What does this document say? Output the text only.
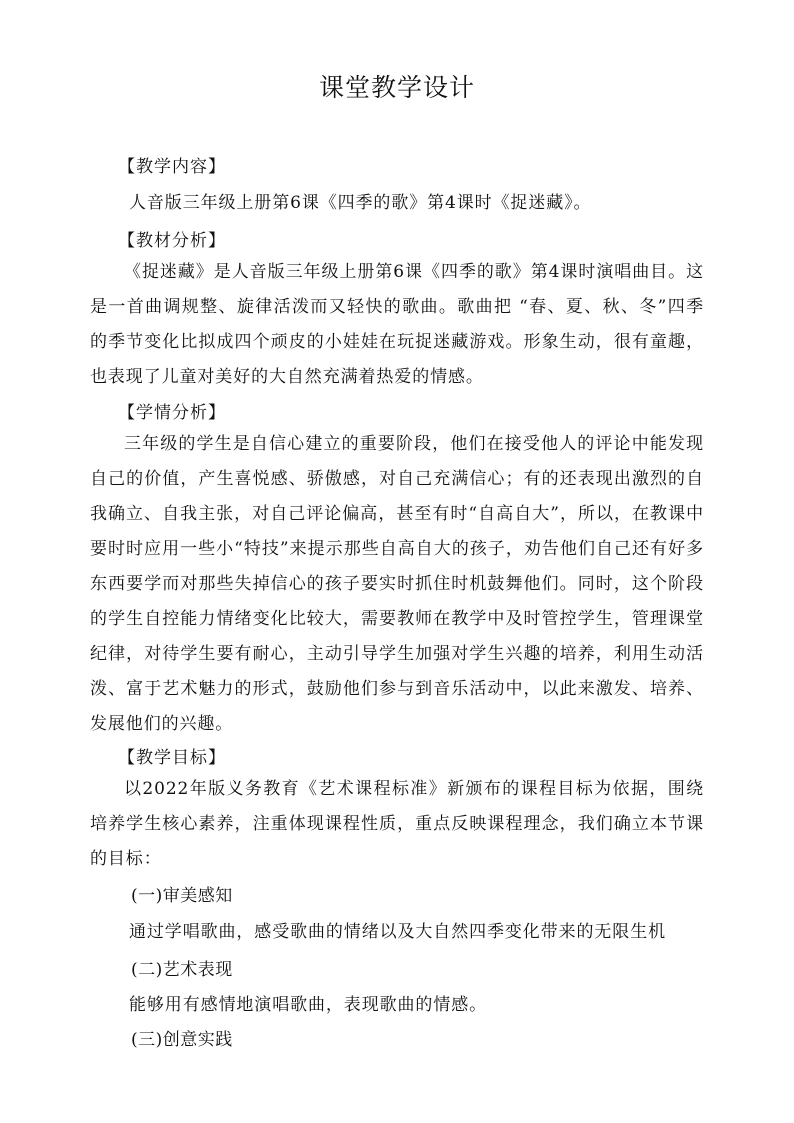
课堂教学设计
【教学内容】
人音版三年级上册第6课《四季的歌》第4课时《捉迷藏》。
【教材分析】

《捉迷藏》是人音版三年级上册第6课《四季的歌》第4课时演唱曲目。这是一首曲调规整、旋律活泼而又轻快的歌曲。歌曲把 “春、夏、秋、冬”四季的季节变化比拟成四个顽皮的小娃娃在玩捉迷藏游戏。形象生动，很有童趣，也表现了儿童对美好的大自然充满着热爱的情感。

【学情分析】

三年级的学生是自信心建立的重要阶段，他们在接受他人的评论中能发现自己的价值，产生喜悦感、骄傲感，对自己充满信心；有的还表现出激烈的自我确立、自我主张，对自己评论偏高，甚至有时“自高自大”，所以，在教课中要时时应用一些小“特技”来提示那些自高自大的孩子，劝告他们自己还有好多东西要学而对那些失掉信心的孩子要实时抓住时机鼓舞他们。同时，这个阶段的学生自控能力情绪变化比较大，需要教师在教学中及时管控学生，管理课堂纪律，对待学生要有耐心，主动引导学生加强对学生兴趣的培养，利用生动活泼、富于艺术魅力的形式，鼓励他们参与到音乐活动中，以此来激发、培养、发展他们的兴趣。

【教学目标】

以2022年版义务教育《艺术课程标准》新颁布的课程目标为依据，围绕培养学生核心素养，注重体现课程性质，重点反映课程理念，我们确立本节课的目标：

(一)审美感知
通过学唱歌曲，感受歌曲的情绪以及大自然四季变化带来的无限生机
(二)艺术表现
能够用有感情地演唱歌曲，表现歌曲的情感。
(三)创意实践
